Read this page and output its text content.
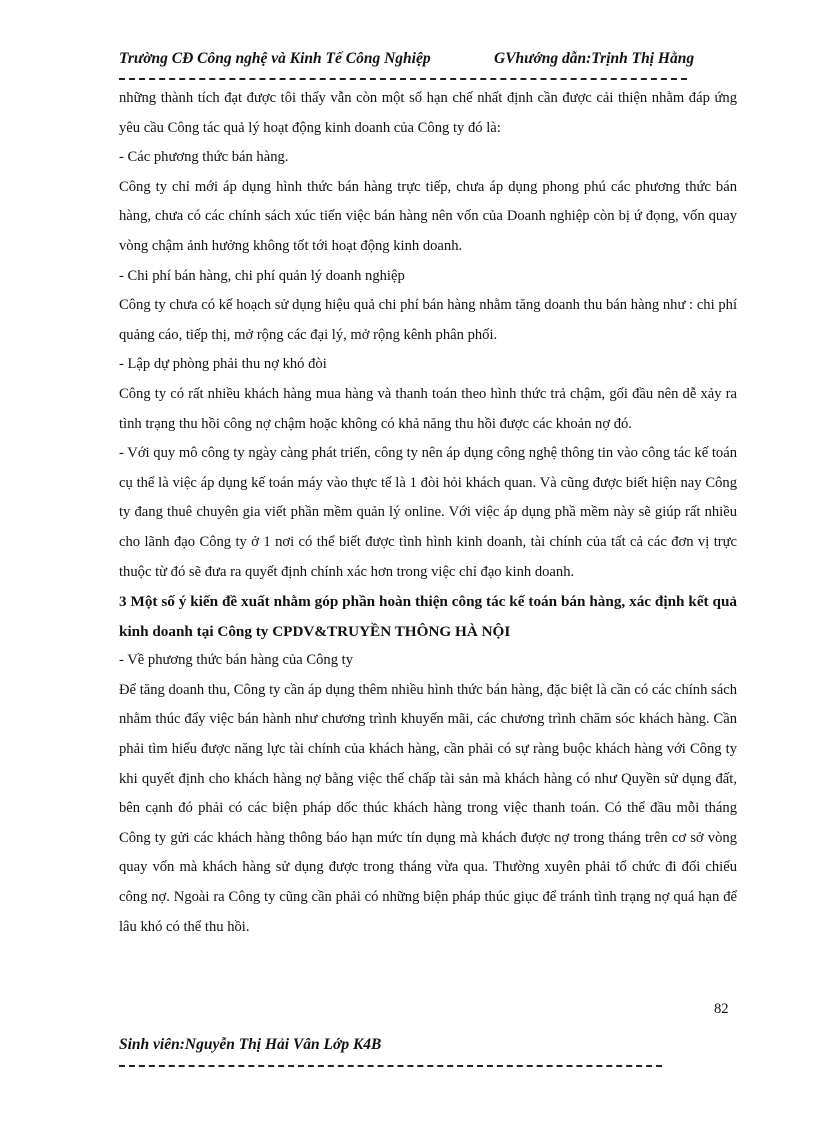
Trường CĐ Công nghệ và Kinh Tế Công Nghiệp	GVhướng dẫn:Trịnh Thị Hằng

những thành tích đạt được tôi thấy vẫn còn một số hạn chế nhất định cần được cải thiện nhằm đáp ứng yêu cầu Công tác quả lý hoạt động kinh doanh của Công ty đó là:

- Các phương thức bán hàng.

Công ty chỉ mới áp dụng hình thức bán hàng trực tiếp, chưa áp dụng phong phú các phương thức bán hàng, chưa có các chính sách xúc tiến việc bán hàng nên vốn của Doanh nghiệp còn bị ứ đọng, vốn quay vòng chậm ảnh hưởng không tốt tới hoạt động kinh doanh.

- Chi phí bán hàng, chi phí quản lý doanh nghiệp

Công ty chưa có kế hoạch sử dụng hiệu quả chi phí bán hàng nhằm tăng doanh thu bán hàng như : chi phí quảng cáo, tiếp thị, mở rộng các đại lý, mở rộng kênh phân phối.

- Lập dự phòng phải thu nợ khó đòi

Công ty có rất nhiều khách hàng mua hàng và thanh toán theo hình thức trả chậm, gối đầu nên dễ xảy ra tình trạng thu hồi công nợ chậm hoặc không có khả năng thu hồi được các khoản nợ đó.

- Với quy mô công ty ngày càng phát triển, công ty nên áp dụng công nghệ thông tin vào công tác kế toán cụ thể là việc áp dụng kế toán máy vào thực tế là 1 đòi hỏi khách quan. Và cũng được biết hiện nay Công ty đang thuê chuyên gia viết phần mềm quản lý online. Với việc áp dụng phầ mềm này sẽ giúp rất nhiều cho lãnh đạo Công ty ở 1 nơi có thể biết được tình hình kinh doanh, tài chính của tất cả các đơn vị trực thuộc từ đó sẽ đưa ra quyết định chính xác hơn trong việc chỉ đạo kinh doanh.

3 Một số ý kiến đề xuất nhằm góp phần hoàn thiện công tác kế toán bán hàng, xác định kết quả kinh doanh tại Công ty CPDV&TRUYỀN THÔNG HÀ NỘI

- Về phương thức bán hàng của Công ty

Để tăng doanh thu, Công ty cần áp dụng thêm nhiều hình thức bán hàng, đặc biệt là cần có các chính sách nhằm thúc đẩy việc bán hành như chương trình khuyến mãi, các chương trình chăm sóc khách hàng. Cần phải tìm hiểu được năng lực tài chính của khách hàng, cần phải có sự ràng buộc khách hàng với Công ty khi quyết định cho khách hàng nợ bằng việc thế chấp tài sản mà khách hàng có như Quyền sử dụng đất, bên cạnh đó phải có các biện pháp dốc thúc khách hàng trong việc thanh toán. Có thể đầu mỗi tháng Công ty gửi các khách hàng thông báo hạn mức tín dụng mà khách được nợ trong tháng trên cơ sở vòng quay vốn mà khách hàng sử dụng được trong tháng vừa qua. Thường xuyên phải tổ chức đi đối chiếu công nợ. Ngoài ra Công ty cũng cần phải có những biện pháp thúc giục để tránh tình trạng nợ quá hạn để lâu khó có thể thu hồi.

82
Sinh viên:Nguyễn Thị Hải Vân Lớp K4B
